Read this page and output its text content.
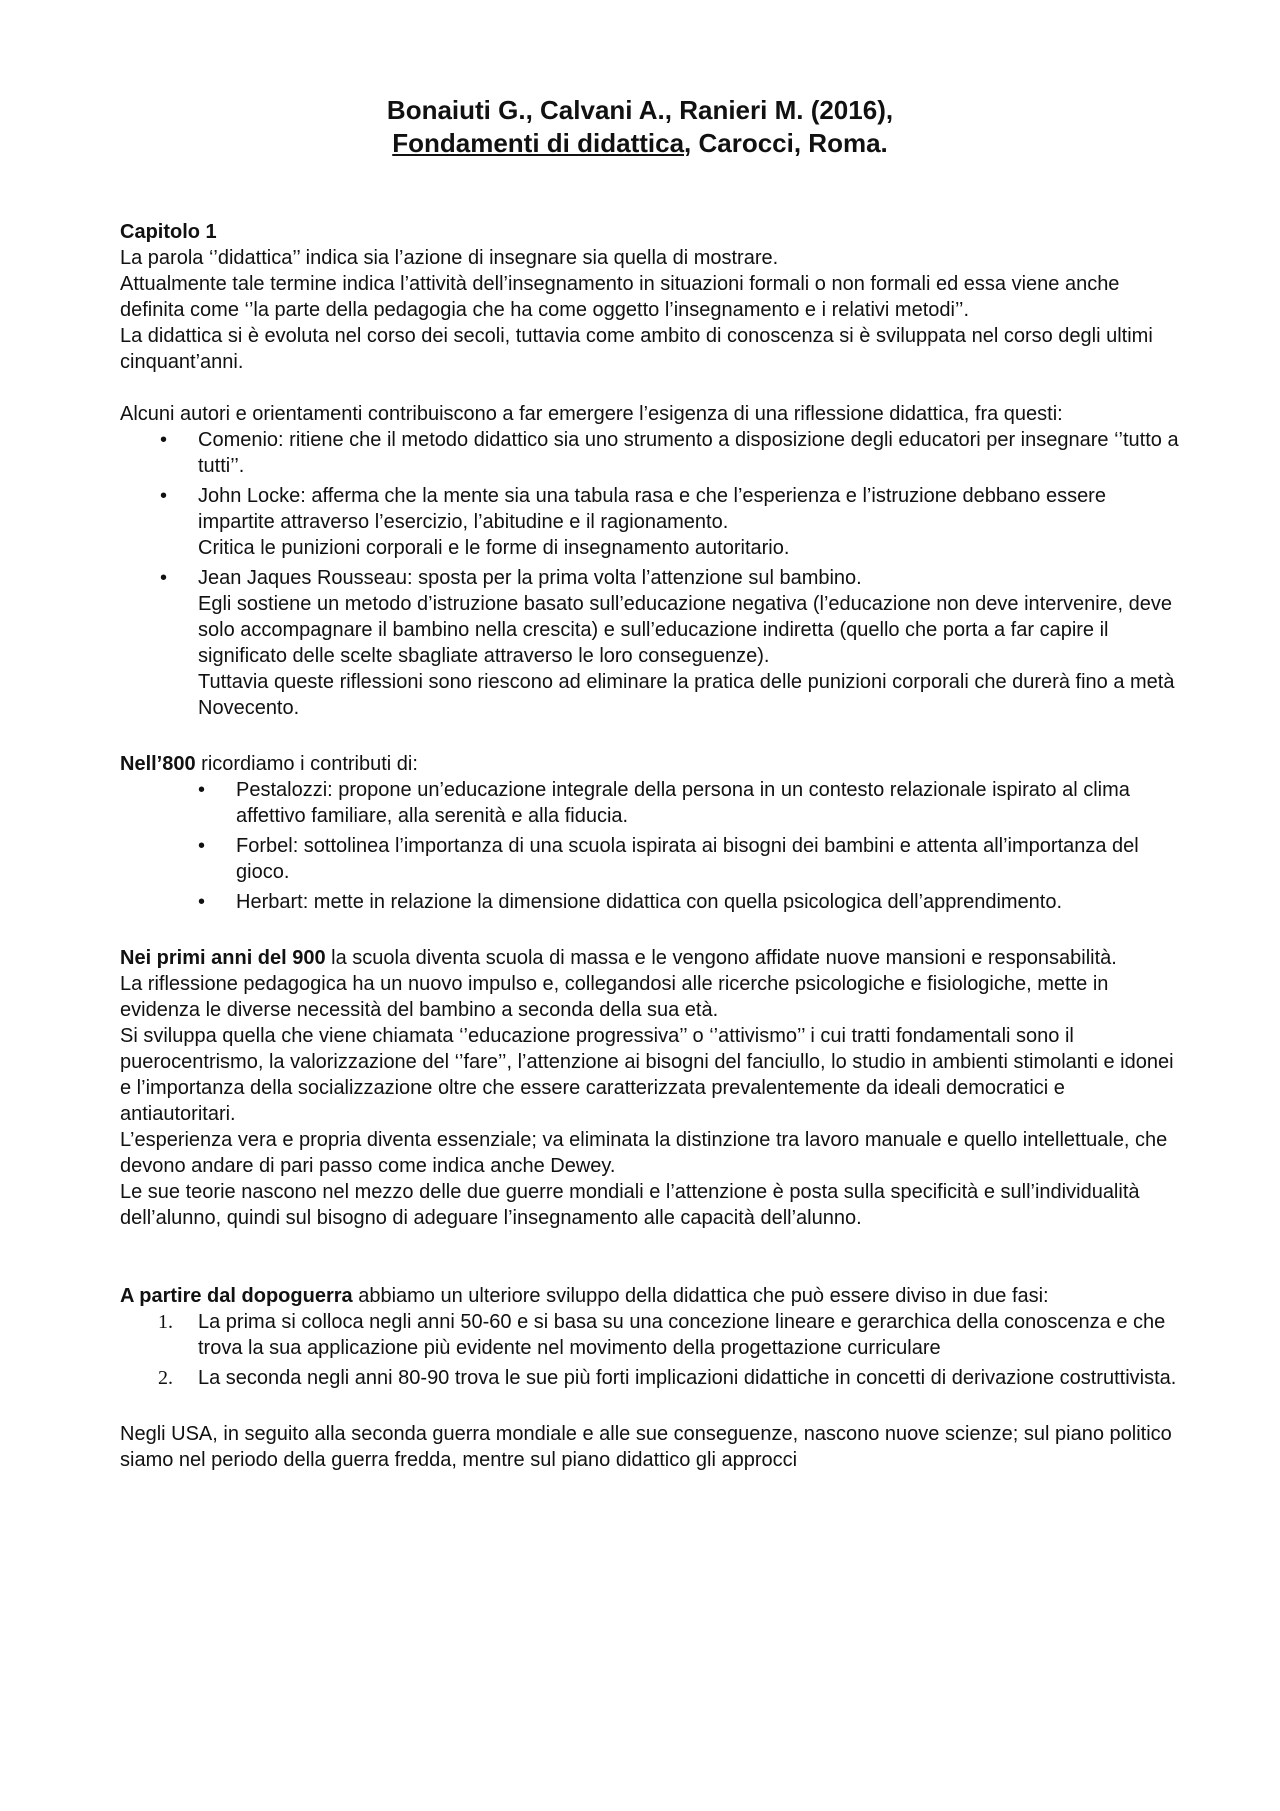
Bonaiuti G., Calvani A., Ranieri M. (2016),
Fondamenti di didattica, Carocci, Roma.

Capitolo 1

La parola ‘’didattica’’ indica sia l’azione di insegnare sia quella di mostrare.

Attualmente tale termine indica l’attività dell’insegnamento in situazioni formali o non formali ed essa viene anche definita come ‘’la parte della pedagogia che ha come oggetto l’insegnamento e i relativi metodi’’.

La didattica si è evoluta nel corso dei secoli, tuttavia come ambito di conoscenza si è sviluppata nel corso degli ultimi cinquant’anni.

Alcuni autori e orientamenti contribuiscono a far emergere l’esigenza di una riflessione didattica, fra questi:

• Comenio: ritiene che il metodo didattico sia uno strumento a disposizione degli educatori per insegnare ‘’tutto a tutti’’.
• John Locke: afferma che la mente sia una tabula rasa e che l’esperienza e l’istruzione debbano essere impartite attraverso l’esercizio, l’abitudine e il ragionamento.
Critica le punizioni corporali e le forme di insegnamento autoritario.
• Jean Jaques Rousseau: sposta per la prima volta l’attenzione sul bambino.
Egli sostiene un metodo d’istruzione basato sull’educazione negativa (l’educazione non deve intervenire, deve solo accompagnare il bambino nella crescita) e sull’educazione indiretta (quello che porta a far capire il significato delle scelte sbagliate attraverso le loro conseguenze).
Tuttavia queste riflessioni sono riescono ad eliminare la pratica delle punizioni corporali che durerà fino a metà Novecento.

Nell’800 ricordiamo i contributi di:

• Pestalozzi: propone un’educazione integrale della persona in un contesto relazionale ispirato al clima affettivo familiare, alla serenità e alla fiducia.
• Forbel: sottolinea l’importanza di una scuola ispirata ai bisogni dei bambini e attenta all’importanza del gioco.
• Herbart: mette in relazione la dimensione didattica con quella psicologica dell’apprendimento.

Nei primi anni del 900 la scuola diventa scuola di massa e le vengono affidate nuove mansioni e responsabilità.

La riflessione pedagogica ha un nuovo impulso e, collegandosi alle ricerche psicologiche e fisiologiche, mette in evidenza le diverse necessità del bambino a seconda della sua età.

Si sviluppa quella che viene chiamata ‘’educazione progressiva’’ o ‘’attivismo’’ i cui tratti fondamentali sono il puerocentrismo, la valorizzazione del ‘’fare’’, l’attenzione ai bisogni del fanciullo, lo studio in ambienti stimolanti e idonei e l’importanza della socializzazione oltre che essere caratterizzata prevalentemente da ideali democratici e antiautoritari.

L’esperienza vera e propria diventa essenziale; va eliminata la distinzione tra lavoro manuale e quello intellettuale, che devono andare di pari passo come indica anche Dewey.

Le sue teorie nascono nel mezzo delle due guerre mondiali e l’attenzione è posta sulla specificità e sull’individualità dell’alunno, quindi sul bisogno di adeguare l’insegnamento alle capacità dell’alunno.

A partire dal dopoguerra abbiamo un ulteriore sviluppo della didattica che può essere diviso in due fasi:

1. La prima si colloca negli anni 50-60 e si basa su una concezione lineare e gerarchica della conoscenza e che trova la sua applicazione più evidente nel movimento della progettazione curriculare
2. La seconda negli anni 80-90 trova le sue più forti implicazioni didattiche in concetti di derivazione costruttivista.

Negli USA, in seguito alla seconda guerra mondiale e alle sue conseguenze, nascono nuove scienze; sul piano politico siamo nel periodo della guerra fredda, mentre sul piano didattico gli approcci
